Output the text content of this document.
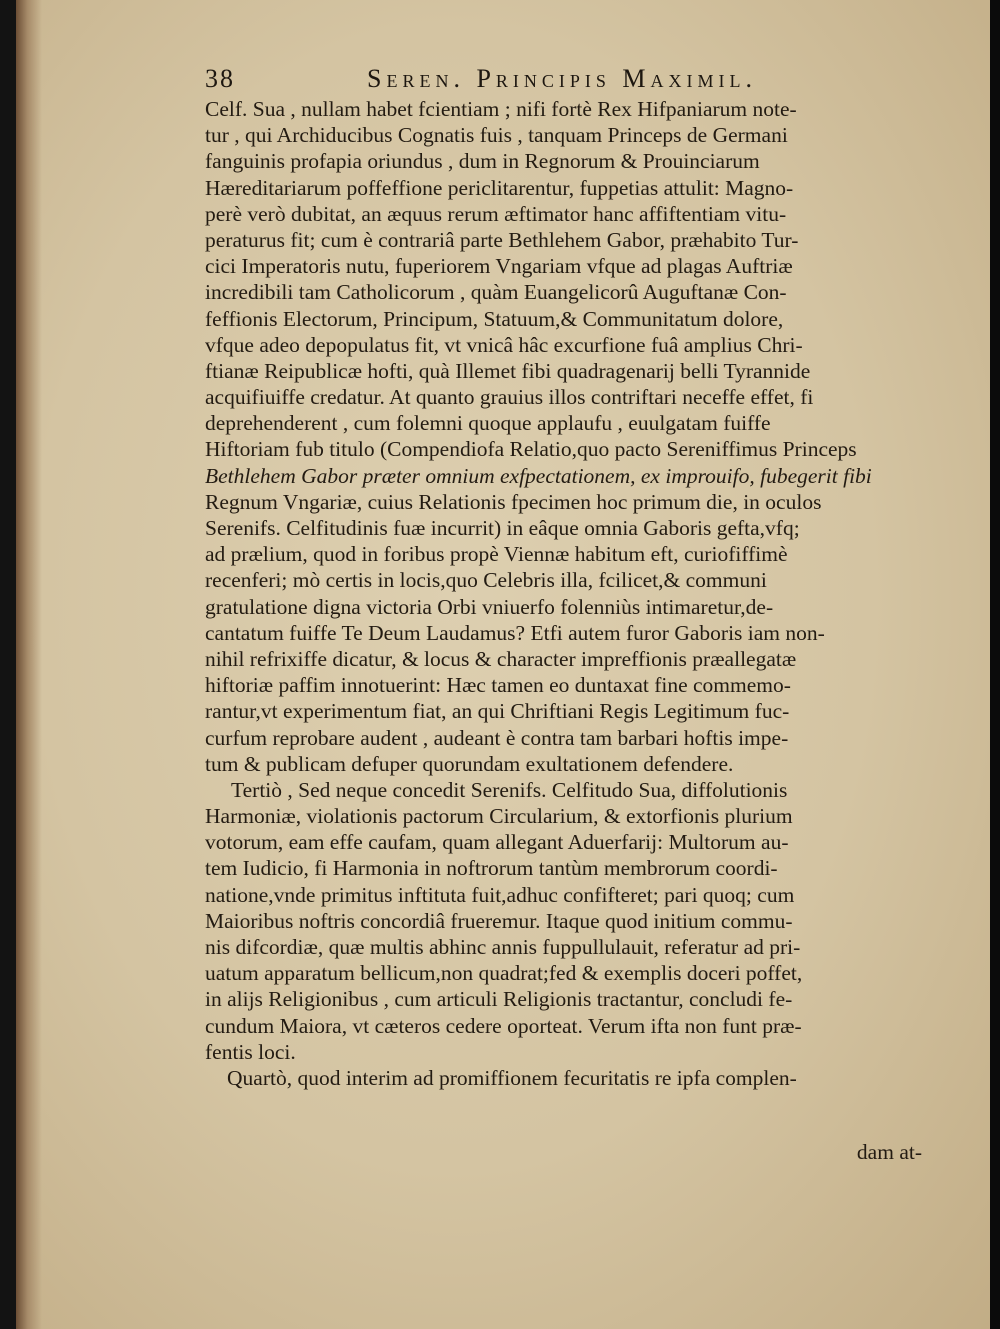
38	Seren. Principis Maximil.
Celf. Sua , nullam habet fcientiam ; nifi fortè Rex Hifpaniarum note-
tur , qui Archiducibus Cognatis fuis , tanquam Princeps de Germani
fanguinis profapia oriundus , dum in Regnorum & Prouinciarum
Hæreditariarum poffeffione periclitarentur, fuppetias attulit: Magno-
perè verò dubitat, an æquus rerum æftimator hanc affiftentiam vitu-
peraturus fit; cum è contrariâ parte Bethlehem Gabor, præhabito Tur-
cici Imperatoris nutu, fuperiorem Vngariam vfque ad plagas Auftriæ
incredibili tam Catholicorum , quàm Euangelicorû Auguftanæ Con-
feffionis Electorum, Principum, Statuum,& Communitatum dolore,
vfque adeo depopulatus fit, vt vnicâ hâc excurfione fuâ amplius Chri-
ftianæ Reipublicæ hofti, quà Illemet fibi quadragenarij belli Tyrannide
acquifiuiffe credatur. At quanto grauius illos contriftari neceffe effet, fi
deprehenderent , cum folemni quoque applaufu , euulgatam fuiffe
Hiftoriam fub titulo (Compendiofa Relatio,quo pacto Sereniffimus Princeps
Bethlehem Gabor præter omnium exfpectationem, ex improuifo, fubegerit fibi
Regnum Vngariæ, cuius Relationis fpecimen hoc primum die, in oculos
Serenifs. Celfitudinis fuæ incurrit) in eâque omnia Gaboris gefta,vfq;
ad prælium, quod in foribus propè Viennæ habitum eft, curiofiffimè
recenferi; mò certis in locis,quo Celebris illa, fcilicet,& communi
gratulatione digna victoria Orbi vniuerfo folenniùs intimaretur,de-
cantatum fuiffe Te Deum Laudamus? Etfi autem furor Gaboris iam non-
nihil refrixiffe dicatur, & locus & character impreffionis præallegatæ
hiftoriæ paffim innotuerint: Hæc tamen eo duntaxat fine commemo-
rantur,vt experimentum fiat, an qui Chriftiani Regis Legitimum fuc-
curfum reprobare audent , audeant è contra tam barbari hoftis impe-
tum & publicam defuper quorundam exultationem defendere.
Tertiò , Sed neque concedit Serenifs. Celfitudo Sua, diffolutionis
Harmoniæ, violationis pactorum Circularium, & extorfionis plurium
votorum, eam effe caufam, quam allegant Aduerfarij: Multorum au-
tem Iudicio, fi Harmonia in noftrorum tantùm membrorum coordi-
natione,vnde primitus inftituta fuit,adhuc confifteret; pari quoq; cum
Maioribus noftris concordiâ frueremur. Itaque quod initium commu-
nis difcordiæ, quæ multis abhinc annis fuppullulauit, referatur ad pri-
uatum apparatum bellicum,non quadrat;fed & exemplis doceri poffet,
in alijs Religionibus , cum articuli Religionis tractantur, concludi fe-
cundum Maiora, vt cæteros cedere oporteat. Verum ifta non funt præ-
fentis loci.
Quartò, quod interim ad promiffionem fecuritatis re ipfa complen-
dam at-
